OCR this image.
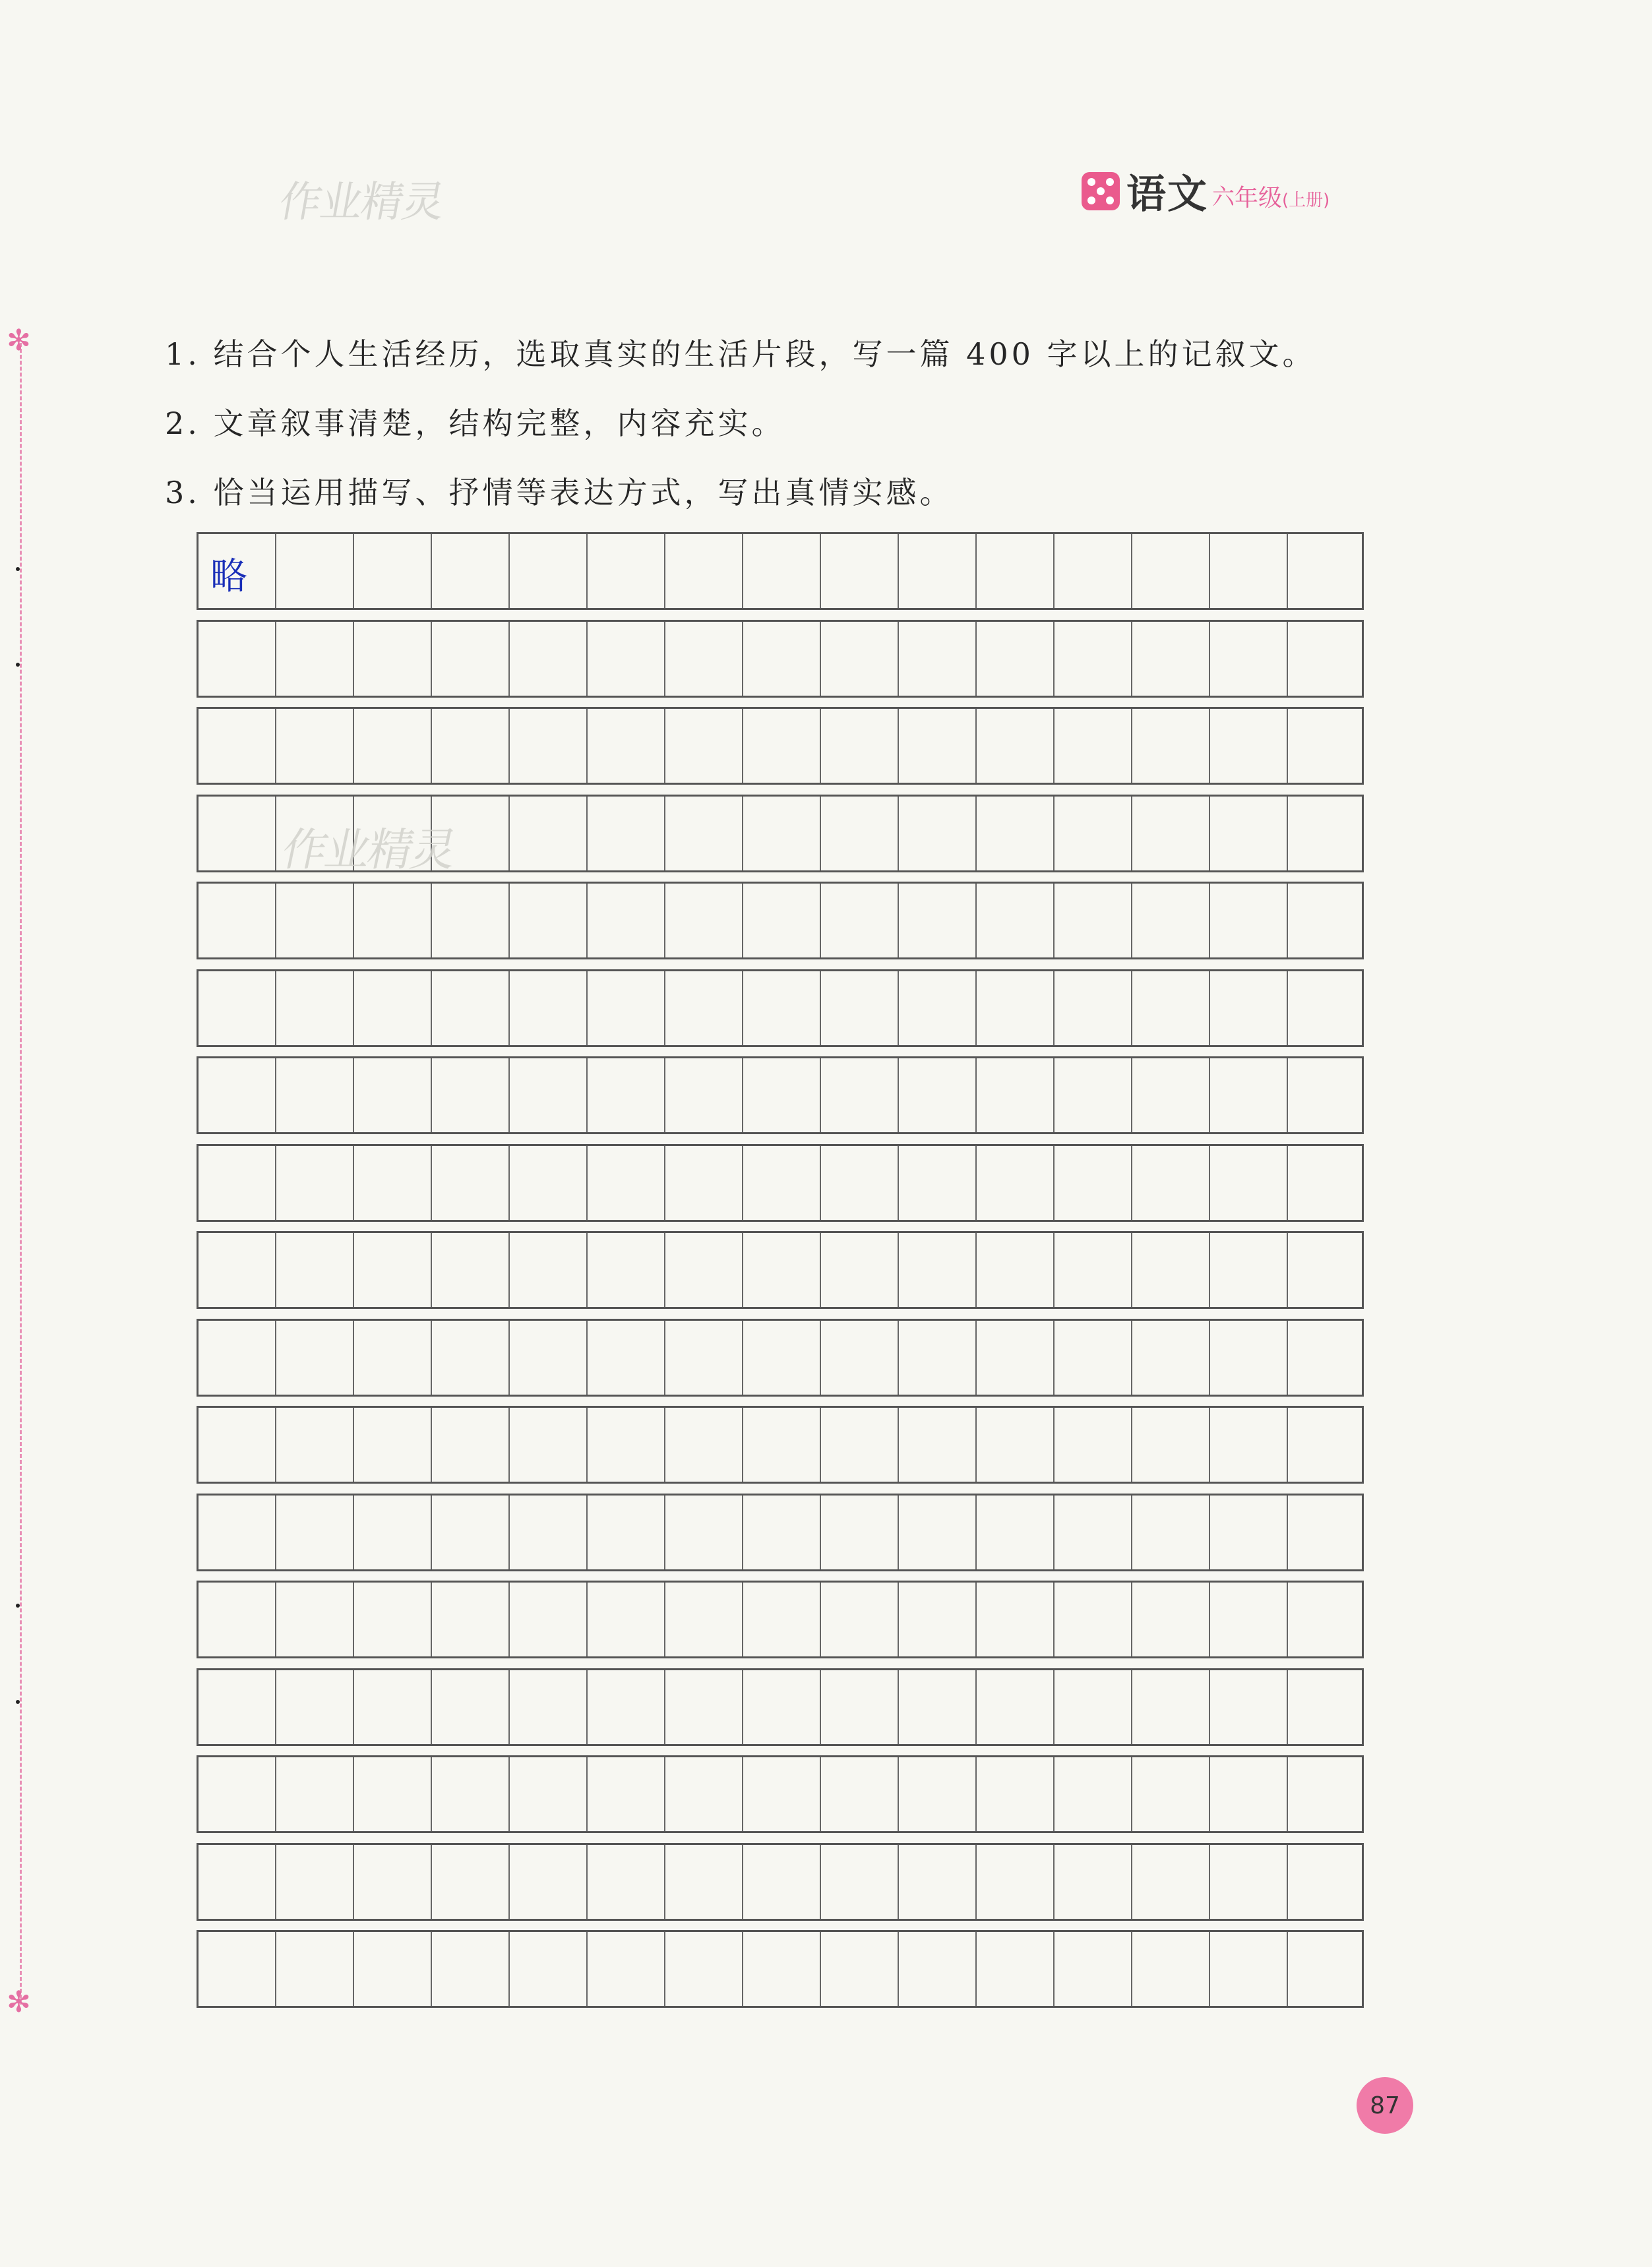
作业精灵	语文 六 年级 (上册)
✻
✻
1. 结合个人生活经历，选取真实的生活片段，写一篇 400 字以上的记叙文。
2. 文章叙事清楚，结构完整，内容充实。
3. 恰当运用描写、抒情等表达方式，写出真情实感。
略
作业精灵
87
